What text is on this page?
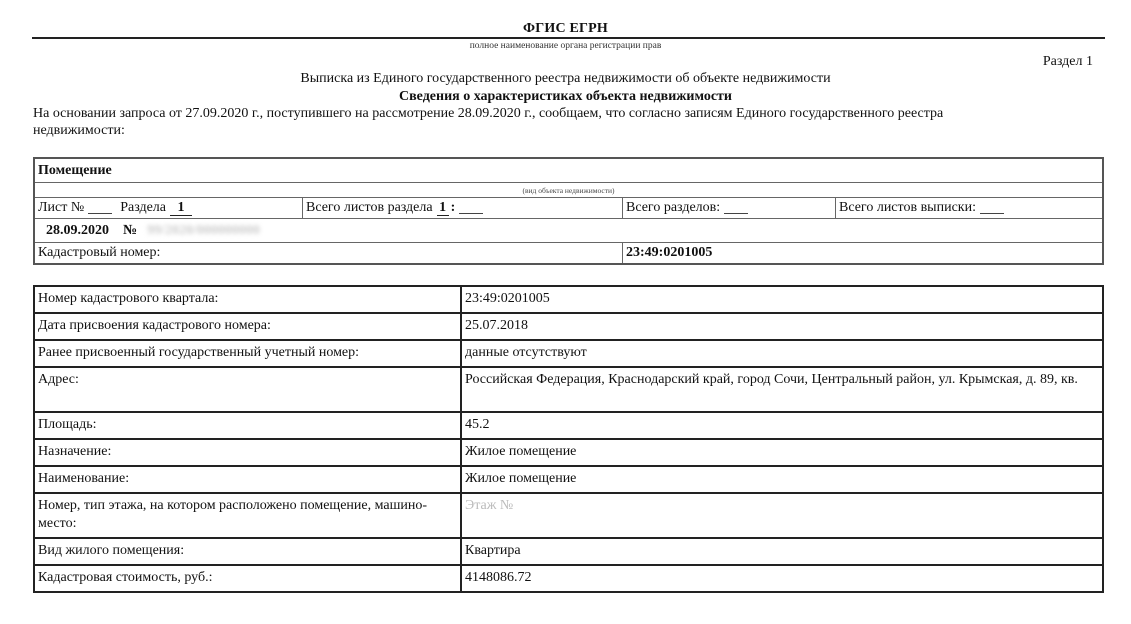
ФГИС ЕГРН
полное наименование органа регистрации прав
Раздел 1
Выписка из Единого государственного реестра недвижимости об объекте недвижимости
Сведения о характеристиках объекта недвижимости
На основании запроса от 27.09.2020 г., поступившего на рассмотрение 28.09.2020 г., сообщаем, что согласно записям Единого государственного реестра недвижимости:
Помещение
(вид объекта недвижимости)
Лист №	Раздела 1	Всего листов раздела 1 :	Всего разделов:	Всего листов выписки:
28.09.2020 № 99/2020/000000000
Кадастровый номер:	23:49:0201005
Номер кадастрового квартала:	23:49:0201005
Дата присвоения кадастрового номера:	25.07.2018
Ранее присвоенный государственный учетный номер:	данные отсутствуют
Адрес:	Российская Федерация, Краснодарский край, город Сочи, Центральный район, ул. Крымская, д. 89, кв.
Площадь:	45.2
Назначение:	Жилое помещение
Наименование:	Жилое помещение
Номер, тип этажа, на котором расположено помещение, машино-место:	Этаж №
Вид жилого помещения:	Квартира
Кадастровая стоимость, руб.:	4148086.72
